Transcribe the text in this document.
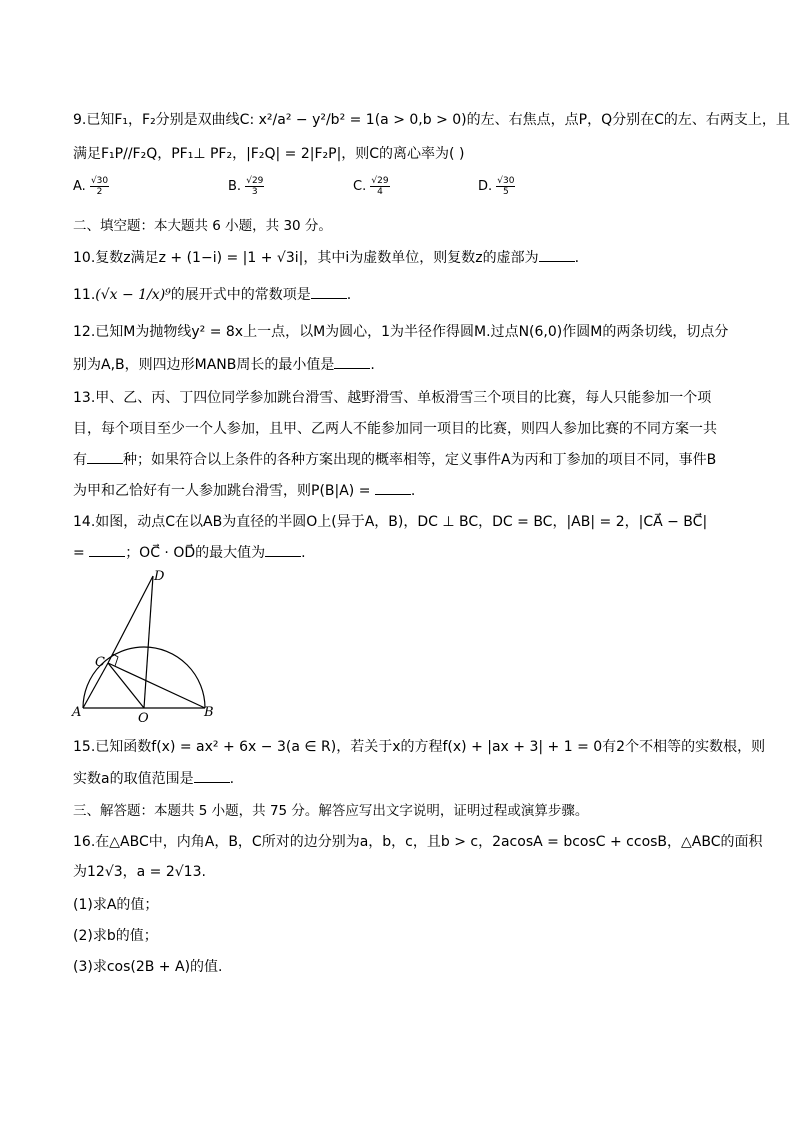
9.已知F₁，F₂分别是双曲线C: x²/a² − y²/b² = 1(a > 0,b > 0)的左、右焦点，点P，Q分别在C的左、右两支上，且
满足F₁P//F₂Q，PF₁⊥ PF₂，|F₂Q| = 2|F₂P|，则C的离心率为( )
A. $\frac{√30}{2}$	B. $\frac{√29}{3}$	C. $\frac{√29}{4}$	D. $\frac{√30}{5}$
二、填空题：本大题共 6 小题，共 30 分。
10.复数z满足z + (1−i) = |1 + √3i|，其中i为虚数单位，则复数z的虚部为	.
11.(√x − 1/x)⁹的展开式中的常数项是	.
12.已知M为抛物线y² = 8x上一点，以M为圆心，1为半径作得圆M.过点N(6,0)作圆M的两条切线，切点分
别为A,B，则四边形MANB周长的最小值是	.
13.甲、乙、丙、丁四位同学参加跳台滑雪、越野滑雪、单板滑雪三个项目的比赛，每人只能参加一个项
目，每个项目至少一个人参加，且甲、乙两人不能参加同一项目的比赛，则四人参加比赛的不同方案一共
有	种；如果符合以上条件的各种方案出现的概率相等，定义事件A为丙和丁参加的项目不同，事件B
为甲和乙恰好有一人参加跳台滑雪，则P(B|A) =	.
14.如图，动点C在以AB为直径的半圆O上(异于A，B)，DC ⊥ BC，DC = BC，|AB| = 2，|CA⃗ − BC⃗|
=	；OC⃗ · OD⃗的最大值为	.
D
C
A	O	B
15.已知函数f(x) = ax² + 6x − 3(a ∈ R)，若关于x的方程f(x) + |ax + 3| + 1 = 0有2个不相等的实数根，则
实数a的取值范围是	.
三、解答题：本题共 5 小题，共 75 分。解答应写出文字说明，证明过程或演算步骤。
16.在△ABC中，内角A，B，C所对的边分别为a，b，c，且b > c，2acosA = bcosC + ccosB，△ABC的面积
为12√3，a = 2√13.
(1)求A的值；
(2)求b的值；
(3)求cos(2B + A)的值.
